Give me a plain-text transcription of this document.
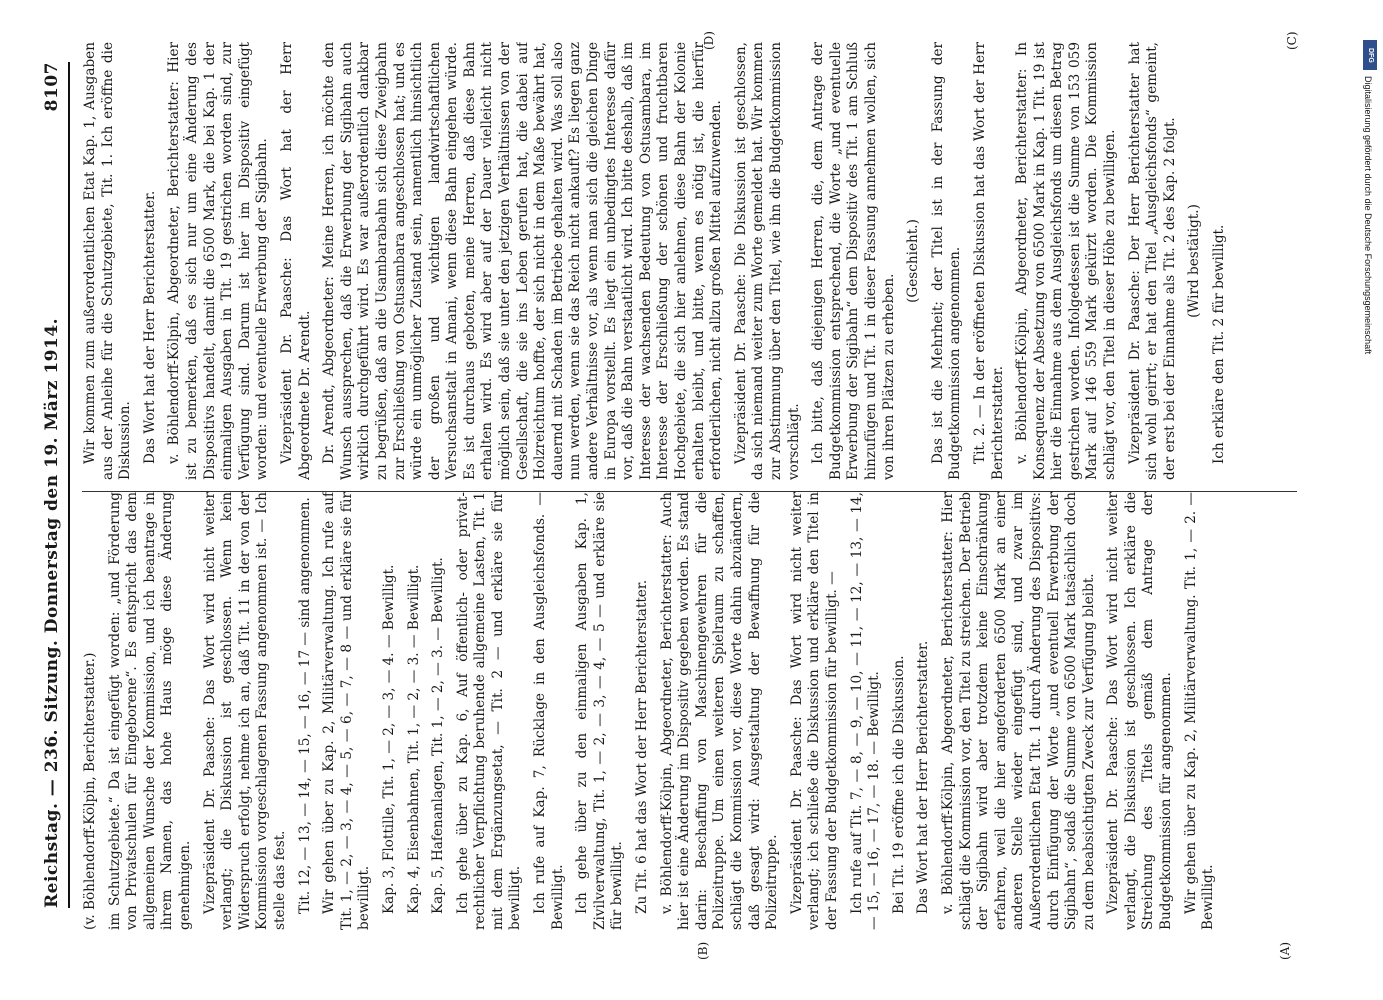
Reichstag. — 236. Sitzung. Donnerstag den 19. März 1914.
8107

(v. Böhlendorff-Kölpin, Berichterstatter.) im Schutzgebiete.“ Da ist eingefügt worden: „und Förderung von Privatschulen für Eingeborene“. Es entspricht das dem allgemeinen Wunsche der Kommission, und ich beantrage in ihrem Namen, das hohe Haus möge diese Änderung genehmigen. Vizepräsident Dr. Paasche: Das Wort wird nicht weiter verlangt; die Diskussion ist geschlossen. Wenn kein Widerspruch erfolgt, nehme ich an, daß Tit. 11 in der von der Kommission vorgeschlagenen Fassung angenommen ist. — Ich stelle das fest. Tit. 12, — 13, — 14, — 15, — 16, — 17 — sind angenommen. Wir gehen über zu Kap. 2, Militärverwaltung. Ich rufe auf Tit. 1, — 2, — 3, — 4, — 5, — 6, — 7, — 8 — und erkläre sie für bewilligt. Kap. 3, Flottille, Tit. 1, — 2, — 3, — 4. — Bewilligt. Kap. 4, Eisenbahnen, Tit. 1, — 2, — 3. — Bewilligt. Kap. 5, Hafenanlagen, Tit. 1, — 2, — 3. — Bewilligt. Ich gehe über zu Kap. 6, Auf öffentlich- oder privat-rechtlicher Verpflichtung beruhende allgemeine Lasten, Tit. 1 mit dem Ergänzungsetat, — Tit. 2 — und erkläre sie für bewilligt. Ich rufe auf Kap. 7, Rücklage in den Ausgleichsfonds. — Bewilligt. Ich gehe über zu den einmaligen Ausgaben Kap. 1, Zivilverwaltung, Tit. 1, — 2, — 3, — 4, — 5 — und erkläre sie für bewilligt. Zu Tit. 6 hat das Wort der Herr Berichterstatter. v. Böhlendorff-Kölpin, Abgeordneter, Berichterstatter: Auch hier ist eine Änderung im Dispositiv gegeben worden. Es stand darin: Beschaffung von Maschinengewehren für die Polizeitruppe. Um einen weiteren Spielraum zu schaffen, schlägt die Kommission vor, diese Worte dahin abzuändern, daß gesagt wird: Ausgestaltung der Bewaffnung für die Polizeitruppe. Vizepräsident Dr. Paasche: Das Wort wird nicht weiter verlangt; ich schließe die Diskussion und erkläre den Titel in der Fassung der Budgetkommission für bewilligt. — Ich rufe auf Tit. 7, — 8, — 9, — 10, — 11, — 12, — 13, — 14, — 15, — 16, — 17, — 18. — Bewilligt. Bei Tit. 19 eröffne ich die Diskussion. Das Wort hat der Herr Berichterstatter. v. Böhlendorff-Kölpin, Abgeordneter, Berichterstatter: Hier schlägt die Kommission vor, den Titel zu streichen. Der Betrieb der Sigibahn wird aber trotzdem keine Einschränkung erfahren, weil die hier angeforderten 6500 Mark an einer anderen Stelle wieder eingefügt sind, und zwar im Außerordentlichen Etat Tit. 1 durch Änderung des Dispositivs: durch Einfügung der Worte „und eventuell Erwerbung der Sigibahn“, sodaß die Summe von 6500 Mark tatsächlich doch zu dem beabsichtigten Zweck zur Verfügung bleibt. Vizepräsident Dr. Paasche: Das Wort wird nicht weiter verlangt, die Diskussion ist geschlossen. Ich erkläre die Streichung des Titels gemäß dem Antrage der Budgetkommission für angenommen. Wir gehen über zu Kap. 2, Militärverwaltung. Tit. 1, — 2. — Bewilligt.

Wir kommen zum außerordentlichen Etat Kap. 1, Ausgaben aus der Anleihe für die Schutzgebiete, Tit. 1. Ich eröffne die Diskussion. Das Wort hat der Herr Berichterstatter. v. Böhlendorff-Kölpin, Abgeordneter, Berichterstatter: Hier ist zu bemerken, daß es sich nur um eine Änderung des Dispositivs handelt, damit die 6500 Mark, die bei Kap. 1 der einmaligen Ausgaben in Tit. 19 gestrichen worden sind, zur Verfügung sind. Darum ist hier im Dispositiv eingefügt worden: und eventuelle Erwerbung der Sigibahn. Vizepräsident Dr. Paasche: Das Wort hat der Herr Abgeordnete Dr. Arendt. Dr. Arendt, Abgeordneter: Meine Herren, ich möchte den Wunsch aussprechen, daß die Erwerbung der Sigibahn auch wirklich durchgeführt wird. Es war außerordentlich dankbar zu begrüßen, daß an die Usambarabahn sich diese Zweigbahn zur Erschließung von Ostusambara angeschlossen hat; und es würde ein unmöglicher Zustand sein, namentlich hinsichtlich der großen und wichtigen landwirtschaftlichen Versuchsanstalt in Amani, wenn diese Bahn eingehen würde. Es ist durchaus geboten, meine Herren, daß diese Bahn erhalten wird. Es wird aber auf der Dauer vielleicht nicht möglich sein, daß sie unter den jetzigen Verhältnissen von der Gesellschaft, die sie ins Leben gerufen hat, die dabei auf Holzreichtum hoffte, der sich nicht in dem Maße bewährt hat, dauernd mit Schaden im Betriebe gehalten wird. Was soll also nun werden, wenn sie das Reich nicht ankauft? Es liegen ganz andere Verhältnisse vor, als wenn man sich die gleichen Dinge in Europa vorstellt. Es liegt ein unbedingtes Interesse dafür vor, daß die Bahn verstaatlicht wird. Ich bitte deshalb, daß im Interesse der wachsenden Bedeutung von Ostusambara, im Interesse der Erschließung der schönen und fruchtbaren Hochgebiete, die sich hier anlehnen, diese Bahn der Kolonie erhalten bleibt, und bitte, wenn es nötig ist, die hierfür erforderlichen, nicht allzu großen Mittel aufzuwenden. Vizepräsident Dr. Paasche: Die Diskussion ist geschlossen, da sich niemand weiter zum Worte gemeldet hat. Wir kommen zur Abstimmung über den Titel, wie ihn die Budgetkommission vorschlägt. Ich bitte, daß diejenigen Herren, die, dem Antrage der Budgetkommission entsprechend, die Worte „und eventuelle Erwerbung der Sigibahn“ dem Dispositiv des Tit. 1 am Schluß hinzufügen und Tit. 1 in dieser Fassung annehmen wollen, sich von ihren Plätzen zu erheben.

(Geschieht.) Das ist die Mehrheit; der Titel ist in der Fassung der Budgetkommission angenommen. Tit. 2. — In der eröffneten Diskussion hat das Wort der Herr Berichterstatter. v. Böhlendorff-Kölpin, Abgeordneter, Berichterstatter: In Konsequenz der Absetzung von 6500 Mark in Kap. 1 Tit. 19 ist hier die Einnahme aus dem Ausgleichsfonds um diesen Betrag gestrichen worden. Infolgedessen ist die Summe von 153 059 Mark auf 146 559 Mark gekürzt worden. Die Kommission schlägt vor, den Titel in dieser Höhe zu bewilligen. Vizepräsident Dr. Paasche: Der Herr Berichterstatter hat sich wohl geirrt; er hat den Titel „Ausgleichsfonds“ gemeint, der erst bei der Einnahme als Tit. 2 des Kap. 2 folgt. (Wird bestätigt.) Ich erkläre den Tit. 2 für bewilligt.

(A)
(B)
(C)
(D)
DFG
Digitalisierung gefördert durch die Deutsche Forschungsgemeinschaft
